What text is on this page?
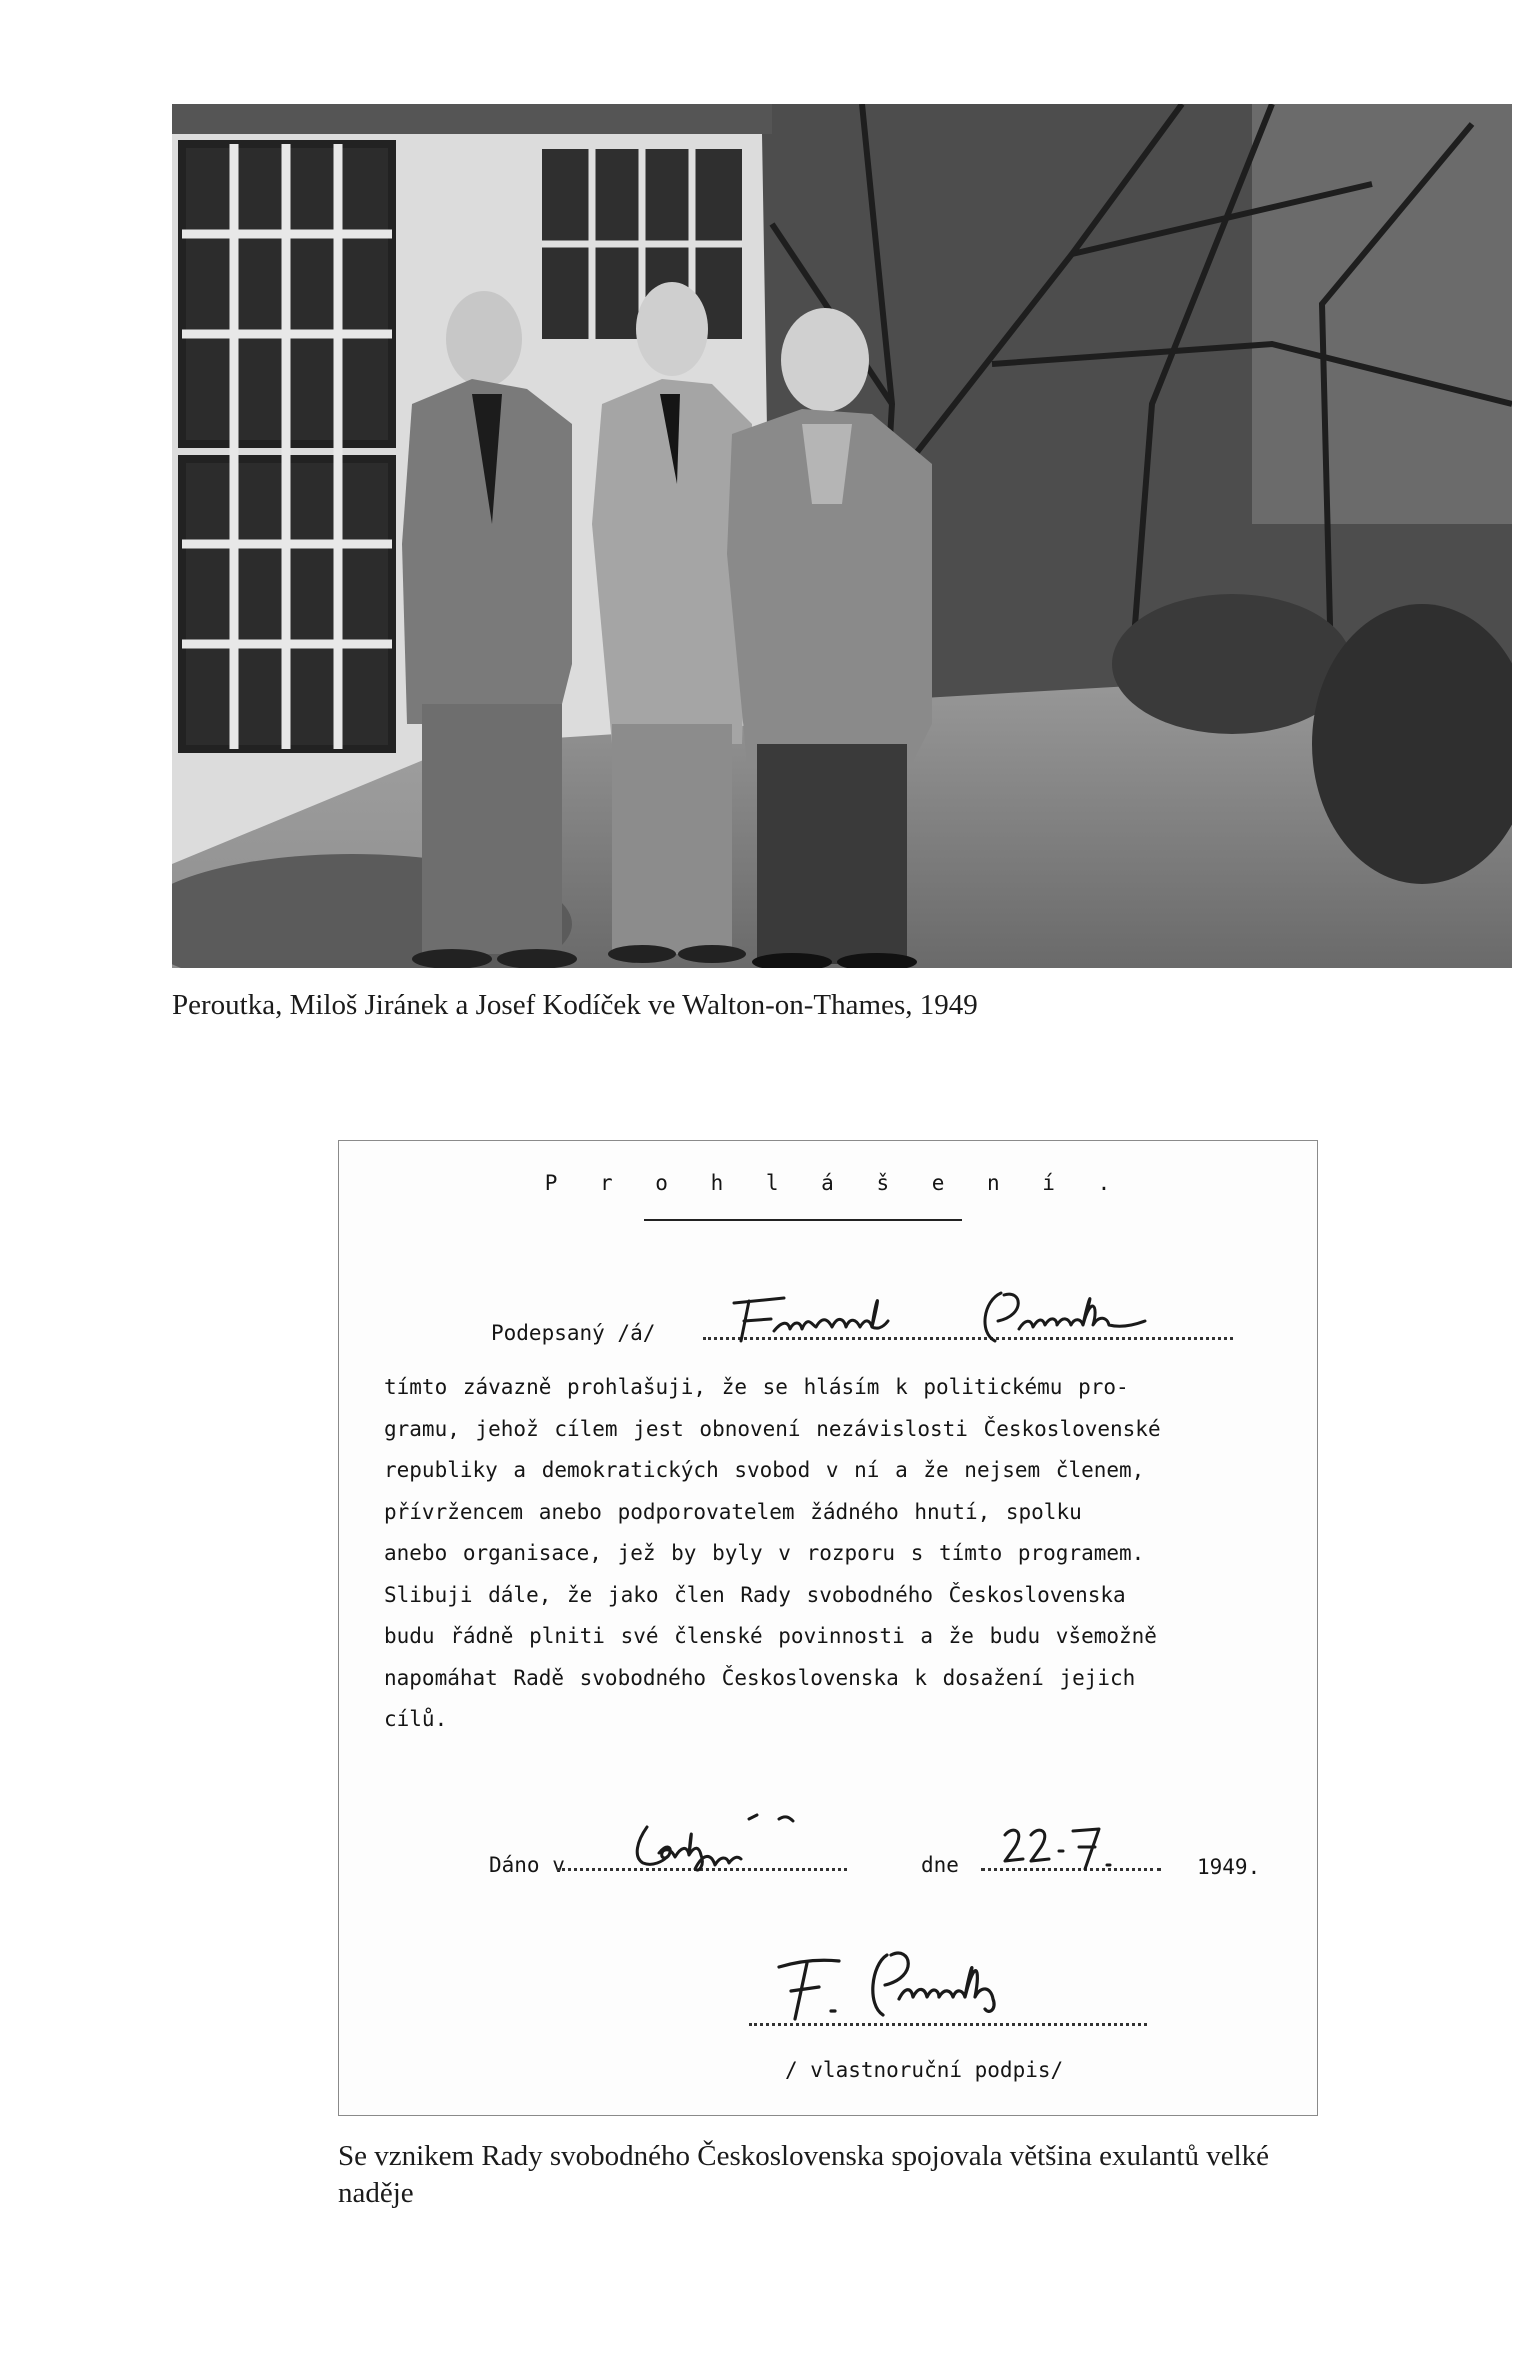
Peroutka, Miloš Jiránek a Josef Kodíček ve Walton-on-Thames, 1949

P r o h l á š e n í .

Podepsaný /á/

tímto závazně prohlašuji, že se hlásím k politickému pro-

gramu, jehož cílem jest obnovení nezávislosti Československé

republiky a demokratických svobod v ní a že nejsem členem,

přívržencem anebo podporovatelem žádného hnutí, spolku

anebo organisace, jež by byly v rozporu s tímto programem.

Slibuji dále, že jako člen Rady svobodného Československa

budu řádně plniti své členské povinnosti a že budu všemožně

napomáhat Radě svobodného Československa k dosažení jejich

cílů.

Dáno v	dne	1949.

/ vlastnoruční podpis/

Se vznikem Rady svobodného Československa spojovala většina exulantů velké naděje
